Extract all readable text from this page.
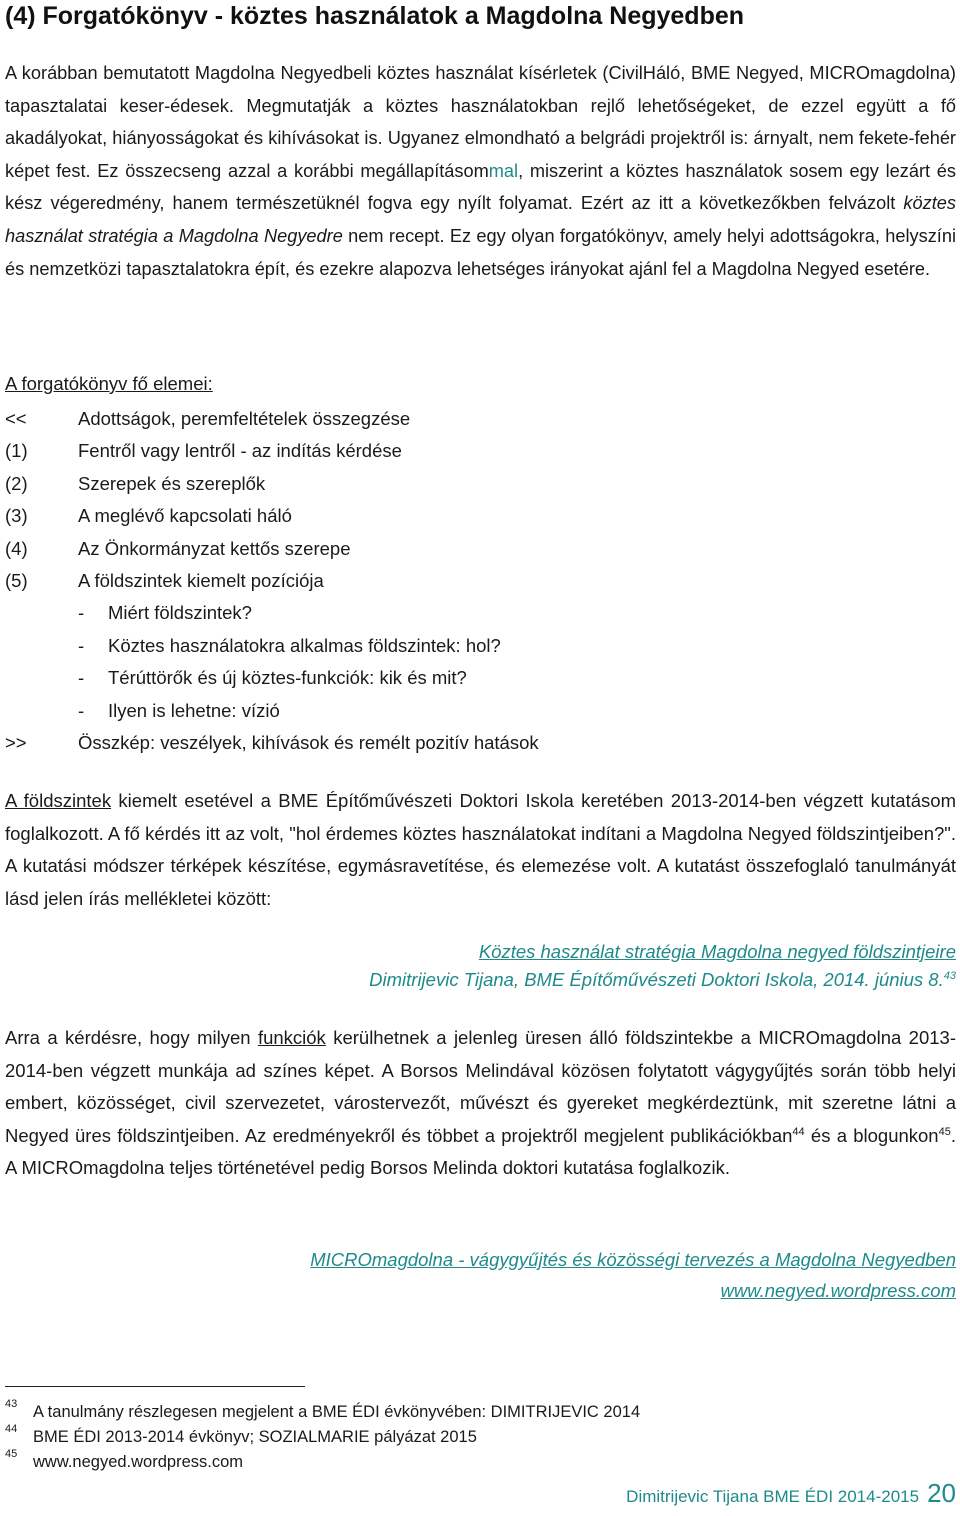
(4) Forgatókönyv - köztes használatok a Magdolna Negyedben

A korábban bemutatott Magdolna Negyedbeli köztes használat kísérletek (CivilHáló, BME Negyed, MICROmagdolna) tapasztalatai keser-édesek. Megmutatják a köztes használatokban rejlő lehetőségeket, de ezzel együtt a fő akadályokat, hiányosságokat és kihívásokat is. Ugyanez elmondható a belgrádi projektről is: árnyalt, nem fekete-fehér képet fest. Ez összecseng azzal a korábbi megállapításommal, miszerint a köztes használatok sosem egy lezárt és kész végeredmény, hanem természetüknél fogva egy nyílt folyamat. Ezért az itt a következőkben felvázolt köztes használat stratégia a Magdolna Negyedre nem recept. Ez egy olyan forgatókönyv, amely helyi adottságokra, helyszíni és nemzetközi tapasztalatokra épít, és ezekre alapozva lehetséges irányokat ajánl fel a Magdolna Negyed esetére.

A forgatókönyv fő elemei:

<<	Adottságok, peremfeltételek összegzése
(1)	Fentről vagy lentről - az indítás kérdése
(2)	Szerepek és szereplők
(3)	A meglévő kapcsolati háló
(4)	Az Önkormányzat kettős szerepe
(5)	A földszintek kiemelt pozíciója
-	Miért földszintek?
-	Köztes használatokra alkalmas földszintek: hol?
-	Térúttörők és új köztes-funkciók: kik és mit?
-	Ilyen is lehetne: vízió
>>	Összkép: veszélyek, kihívások és remélt pozitív hatások

A földszintek kiemelt esetével a BME Építőművészeti Doktori Iskola keretében 2013-2014-ben végzett kutatásom foglalkozott. A fő kérdés itt az volt, "hol érdemes köztes használatokat indítani a Magdolna Negyed földszintjeiben?". A kutatási módszer térképek készítése, egymásravetítése, és elemezése volt. A kutatást összefoglaló tanulmányát lásd jelen írás mellékletei között:

Köztes használat stratégia Magdolna negyed földszintjeire
Dimitrijevic Tijana, BME Építőművészeti Doktori Iskola, 2014. június 8.43

Arra a kérdésre, hogy milyen funkciók kerülhetnek a jelenleg üresen álló földszintekbe a MICROmagdolna 2013-2014-ben végzett munkája ad színes képet. A Borsos Melindával közösen folytatott vágygyűjtés során több helyi embert, közösséget, civil szervezetet, várostervezőt, művészt és gyereket megkérdeztünk, mit szeretne látni a Negyed üres földszintjeiben. Az eredményekről és többet a projektről megjelent publikációkban$^{44}$ és a blogunkon$^{45}$. A MICROmagdolna teljes történetével pedig Borsos Melinda doktori kutatása foglalkozik.

MICROmagdolna - vágygyűjtés és közösségi tervezés a Magdolna Negyedben
www.negyed.wordpress.com
43 A tanulmány részlegesen megjelent a BME ÉDI évkönyvében: DIMITRIJEVIC 2014
44 BME ÉDI 2013-2014 évkönyv; SOZIALMARIE pályázat 2015
45 www.negyed.wordpress.com
Dimitrijevic Tijana BME ÉDI 2014-2015 20
